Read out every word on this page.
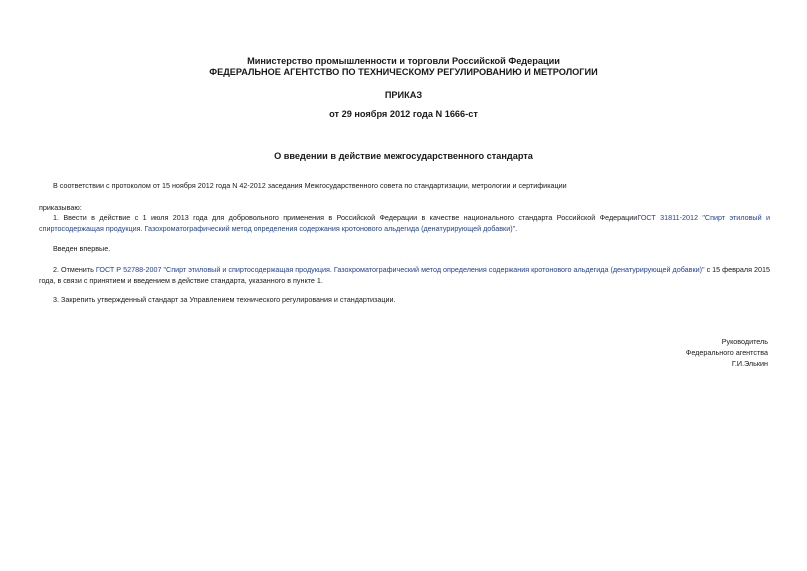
Министерство промышленности и торговли Российской Федерации
ФЕДЕРАЛЬНОЕ АГЕНТСТВО ПО ТЕХНИЧЕСКОМУ РЕГУЛИРОВАНИЮ И МЕТРОЛОГИИ
ПРИКАЗ
от 29 ноября 2012 года N 1666-ст
О введении в действие межгосударственного стандарта
В соответствии с протоколом от 15 ноября 2012 года N 42-2012 заседания Межгосударственного совета по стандартизации, метрологии и сертификации
приказываю:
1. Ввести в действие с 1 июля 2013 года для добровольного применения в Российской Федерации в качестве национального стандарта Российской ФедерацииГОСТ 31811-2012 "Спирт этиловый и спиртосодержащая продукция. Газохроматографический метод определения содержания кротонового альдегида (денатурирующей добавки)".
Введен впервые.
2. Отменить ГОСТ Р 52788-2007 "Спирт этиловый и спиртосодержащая продукция. Газохроматографический метод определения содержания кротонового альдегида (денатурирующей добавки)" с 15 февраля 2015 года, в связи с принятием и введением в действие стандарта, указанного в пункте 1.
3. Закрепить утвержденный стандарт за Управлением технического регулирования и стандартизации.
Руководитель
Федерального агентства
Г.И.Элькин
